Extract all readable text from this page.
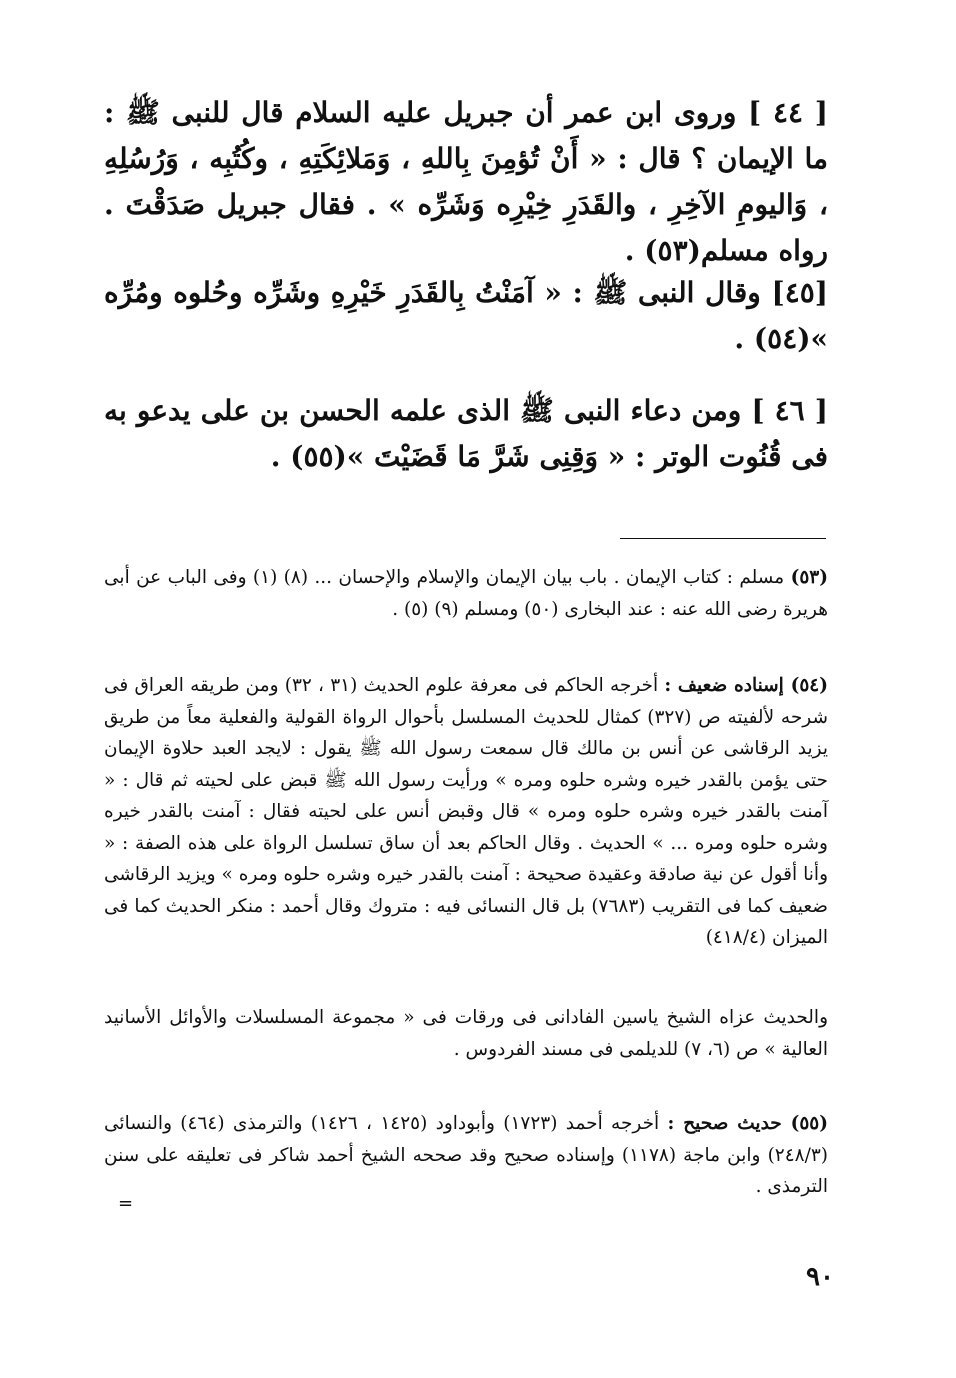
[ ٤٤ ] وروى ابن عمر أن جبريل عليه السلام قال للنبى ﷺ : ما الإيمان ؟ قال : « أَنْ تُؤمِنَ بِاللهِ ، وَمَلائِكَتِهِ ، وكُتُبِه ، وَرُسُلِهِ ، وَاليومِ الآخِرِ ، والقَدَرِ خِيْرِه وَشَرِّه » . فقال جبريل صَدَقْتَ . رواه مسلم(٥٣) .
[٤٥] وقال النبى ﷺ : « آمَنْتُ بِالقَدَرِ خَيْرِهِ وشَرِّه وحُلوه ومُرِّه »(٥٤) .
[ ٤٦ ] ومن دعاء النبى ﷺ الذى علمه الحسن بن على يدعو به فى قُنُوت الوتر : « وَقِنِى شَرَّ مَا قَضَيْتَ »(٥٥) .
(٥٣) مسلم : كتاب الإيمان . باب بيان الإيمان والإسلام والإحسان ... (٨) (١) وفى الباب عن أبى هريرة رضى الله عنه : عند البخارى (٥٠) ومسلم (٩) (٥) .
(٥٤) إسناده ضعيف : أخرجه الحاكم فى معرفة علوم الحديث (٣١ ، ٣٢) ومن طريقه العراق فى شرحه لألفيته ص (٣٢٧) كمثال للحديث المسلسل بأحوال الرواة القولية والفعلية معاً من طريق يزيد الرقاشى عن أنس بن مالك قال سمعت رسول الله ﷺ يقول : لايجد العبد حلاوة الإيمان حتى يؤمن بالقدر خيره وشره حلوه ومره » ورأيت رسول الله ﷺ قبض على لحيته ثم قال : « آمنت بالقدر خيره وشره حلوه ومره » قال وقبض أنس على لحيته فقال : آمنت بالقدر خيره وشره حلوه ومره ... » الحديث . وقال الحاكم بعد أن ساق تسلسل الرواة على هذه الصفة : « وأنا أقول عن نية صادقة وعقيدة صحيحة : آمنت بالقدر خيره وشره حلوه ومره » ويزيد الرقاشى ضعيف كما فى التقريب (٧٦٨٣) بل قال النسائى فيه : متروك وقال أحمد : منكر الحديث كما فى الميزان (٤١٨/٤)
والحديث عزاه الشيخ ياسين الفادانى فى ورقات فى « مجموعة المسلسلات والأوائل الأسانيد العالية » ص (٦، ٧) للديلمى فى مسند الفردوس .
(٥٥) حديث صحيح : أخرجه أحمد (١٧٢٣) وأبوداود (١٤٢٥ ، ١٤٢٦) والترمذى (٤٦٤) والنسائى (٢٤٨/٣) وابن ماجة (١١٧٨) وإسناده صحيح وقد صححه الشيخ أحمد شاكر فى تعليقه على سنن الترمذى .
=
٩٠
